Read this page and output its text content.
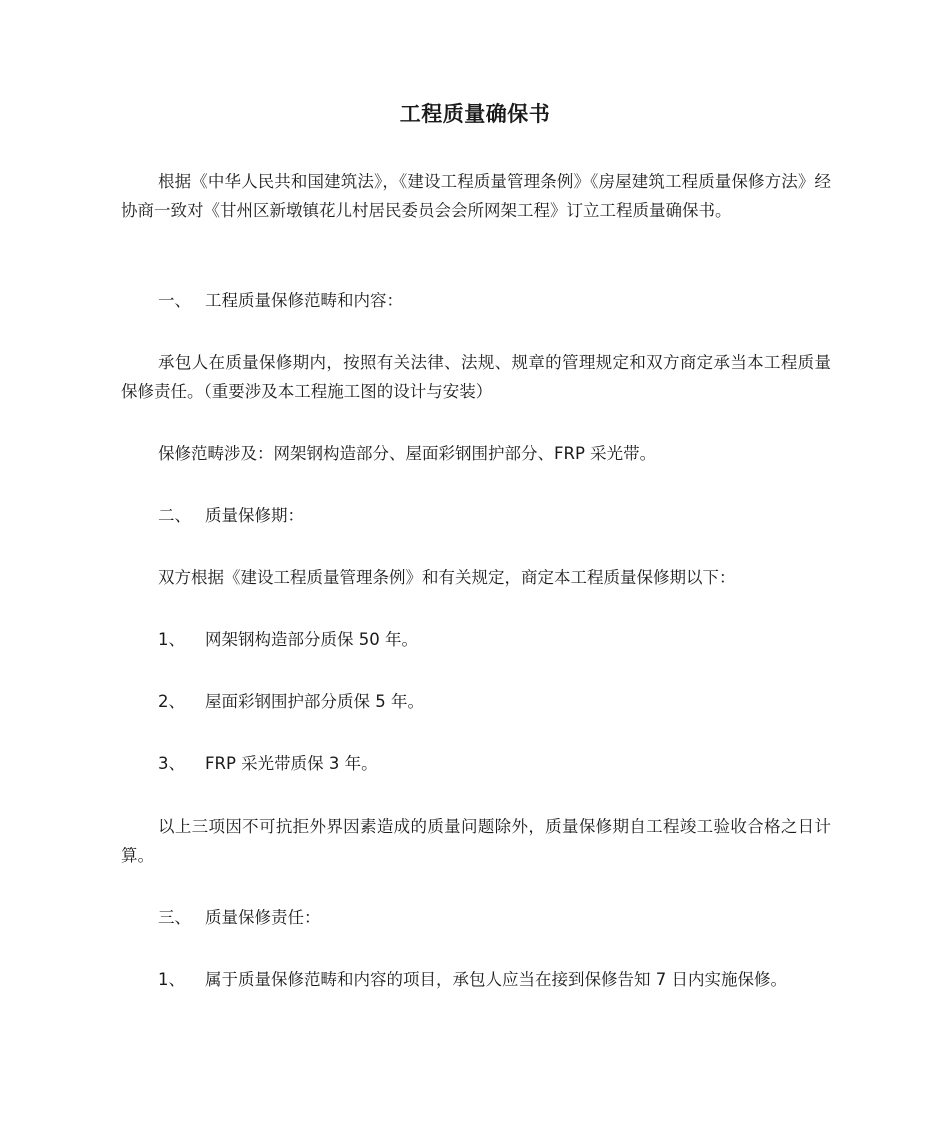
工程质量确保书
根据《中华人民共和国建筑法》，《建设工程质量管理条例》《房屋建筑工程质量保修方法》经协商一致对《甘州区新墩镇花儿村居民委员会会所网架工程》订立工程质量确保书。
一、 工程质量保修范畴和内容：
承包人在质量保修期内，按照有关法律、法规、规章的管理规定和双方商定承当本工程质量保修责任。（重要涉及本工程施工图的设计与安装）
保修范畴涉及：网架钢构造部分、屋面彩钢围护部分、FRP 采光带。
二、 质量保修期：
双方根据《建设工程质量管理条例》和有关规定，商定本工程质量保修期以下：
1、 网架钢构造部分质保 50 年。
2、 屋面彩钢围护部分质保 5 年。
3、 FRP 采光带质保 3 年。
以上三项因不可抗拒外界因素造成的质量问题除外，质量保修期自工程竣工验收合格之日计算。
三、 质量保修责任：
1、 属于质量保修范畴和内容的项目，承包人应当在接到保修告知 7 日内实施保修。
